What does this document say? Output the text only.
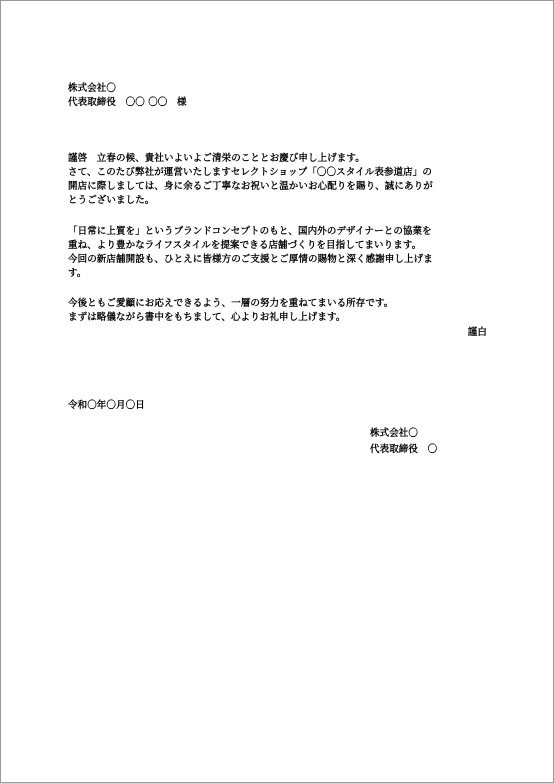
株式会社〇
代表取締役　〇〇 〇〇　様
謹啓　立春の候、貴社いよいよご清栄のこととお慶び申し上げます。
さて、このたび弊社が運営いたしますセレクトショップ「〇〇スタイル表参道店」の
開店に際しましては、身に余るご丁寧なお祝いと温かいお心配りを賜り、誠にありが
とうございました。
「日常に上質を」というブランドコンセプトのもと、国内外のデザイナーとの協業を
重ね、より豊かなライフスタイルを提案できる店舗づくりを目指してまいります。
今回の新店舗開設も、ひとえに皆様方のご支援とご厚情の賜物と深く感謝申し上げま
す。
今後ともご愛顧にお応えできるよう、一層の努力を重ねてまいる所存です。
まずは略儀ながら書中をもちまして、心よりお礼申し上げます。
謹白
令和〇年〇月〇日
株式会社〇
代表取締役　〇
